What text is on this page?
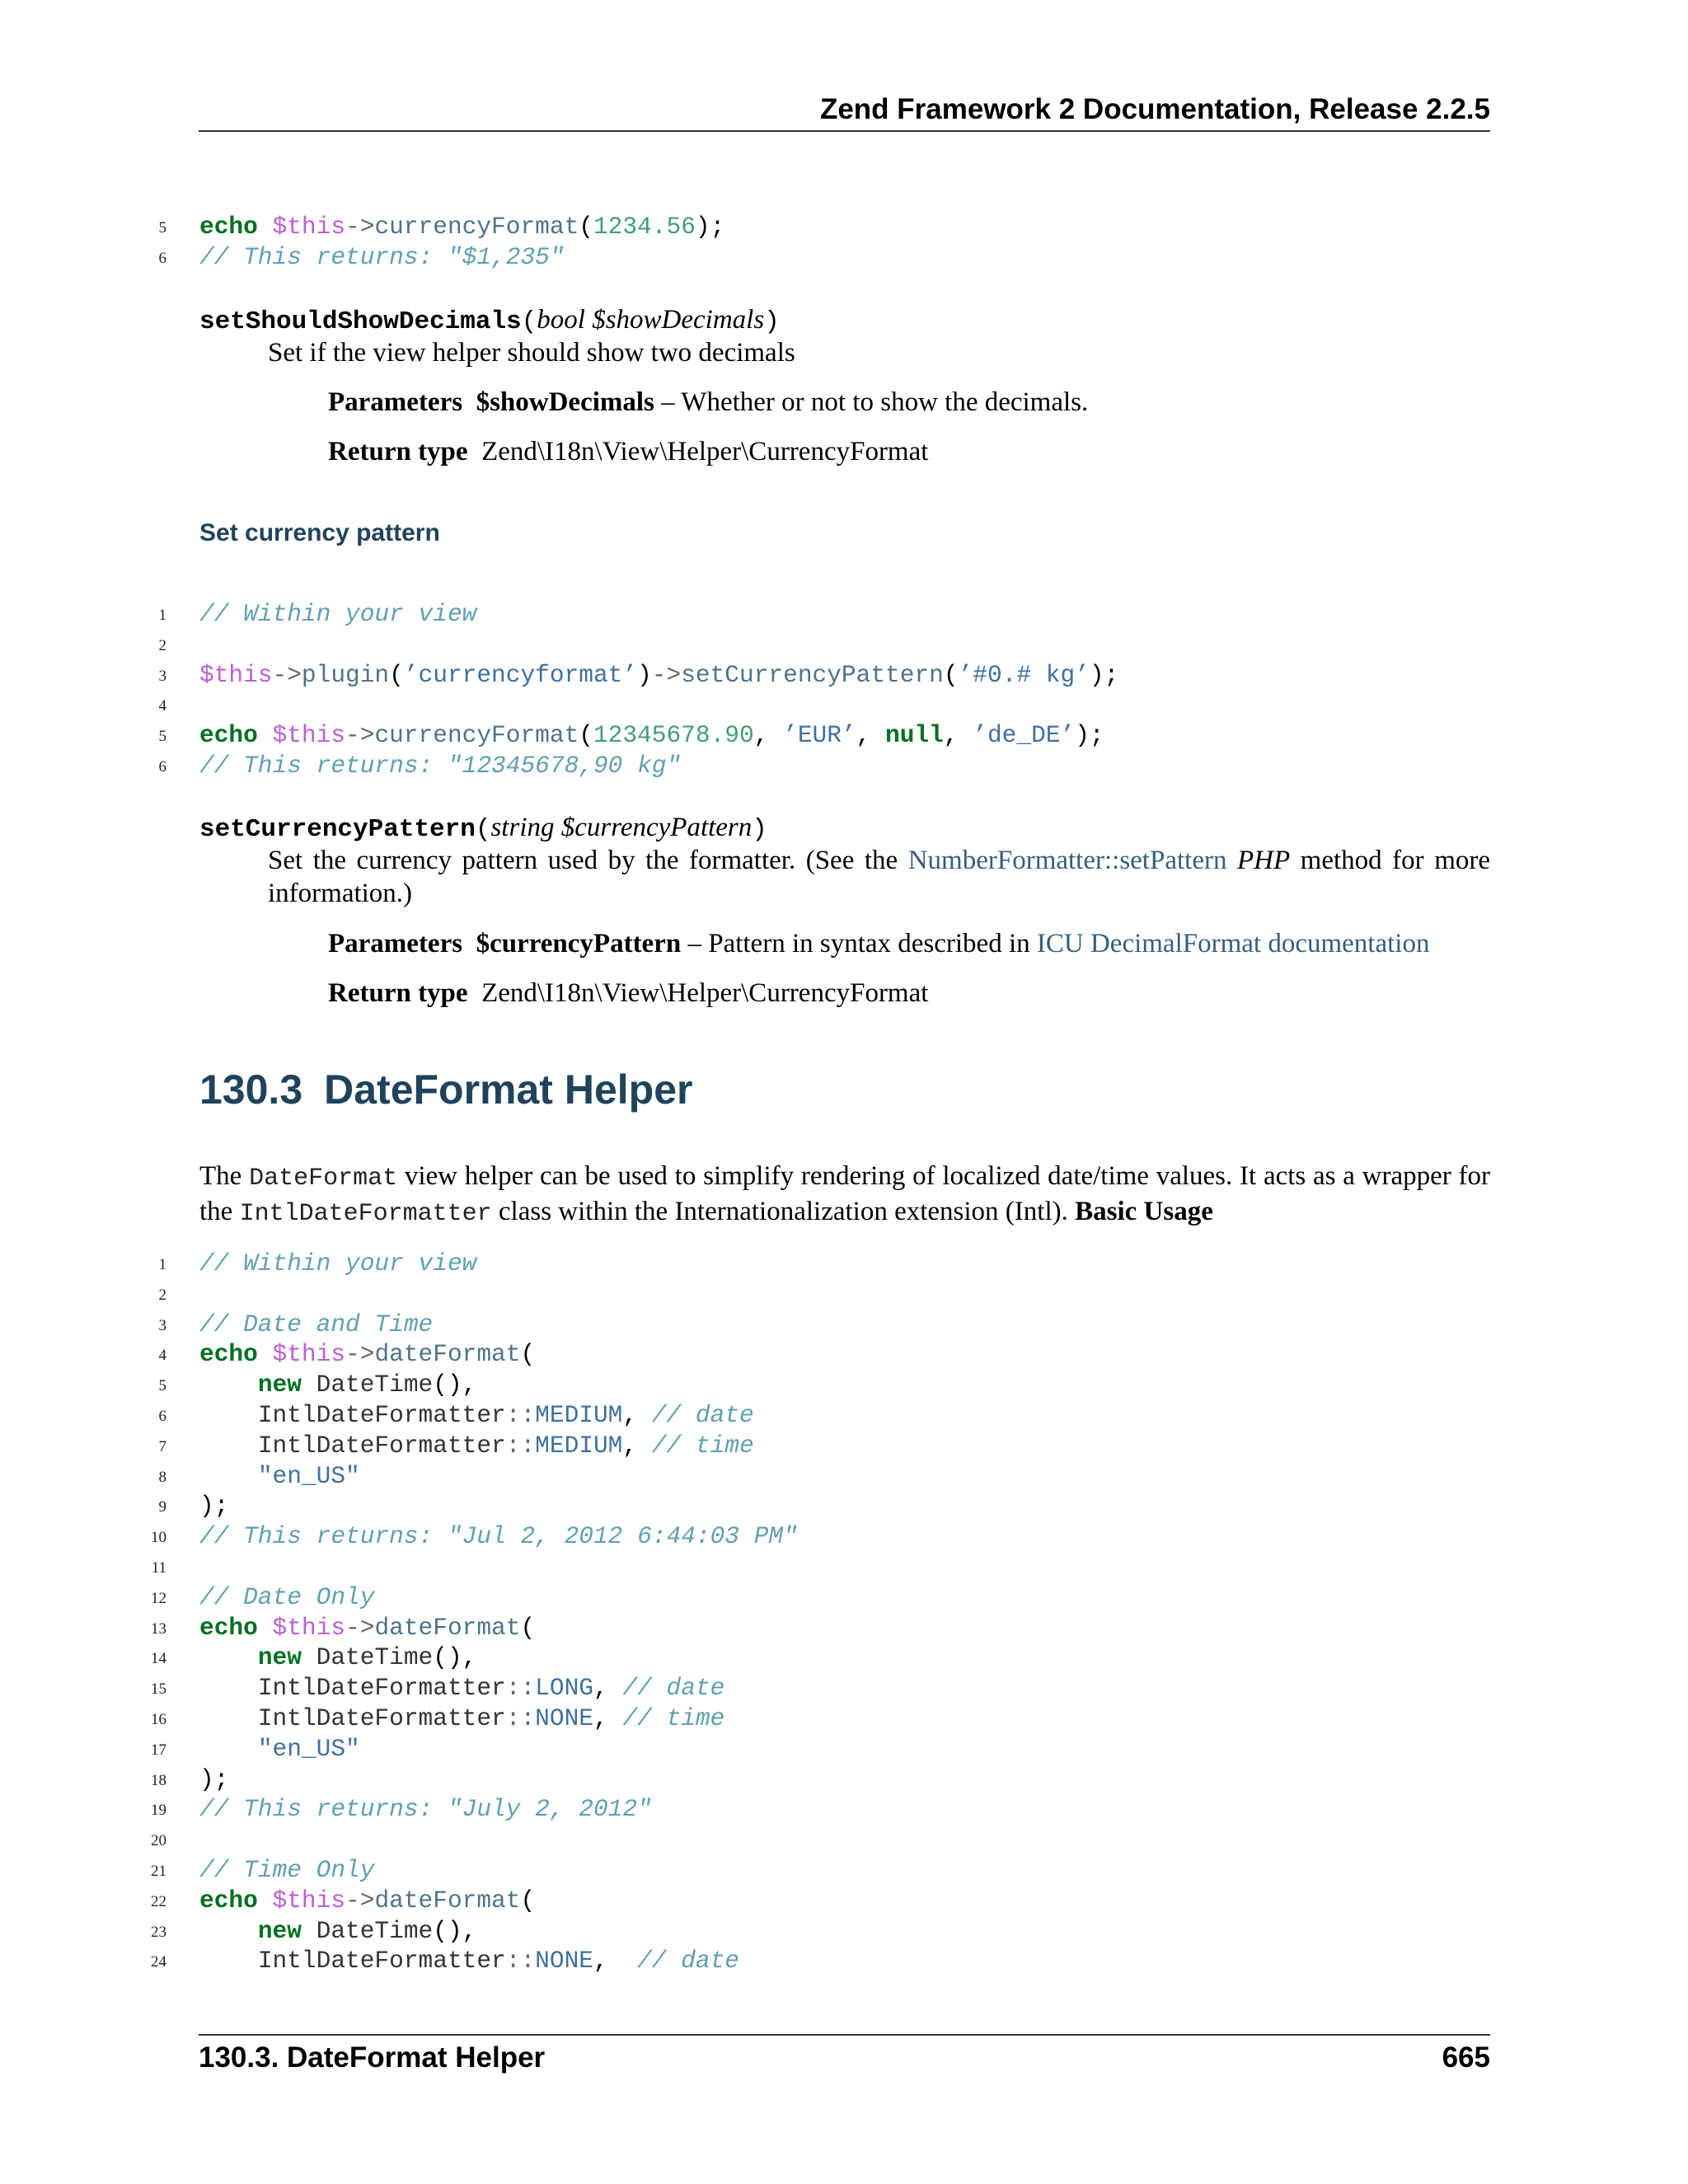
Zend Framework 2 Documentation, Release 2.2.5
5 echo $this->currencyFormat(1234.56);
6 // This returns: "$1,235"
setShouldShowDecimals(bool $showDecimals)
Set if the view helper should show two decimals
Parameters $showDecimals – Whether or not to show the decimals.
Return type Zend\I18n\View\Helper\CurrencyFormat
Set currency pattern
1 // Within your view
2
3 $this->plugin(’currencyformat’)->setCurrencyPattern(’#0.# kg’);
4
5 echo $this->currencyFormat(12345678.90, ’EUR’, null, ’de_DE’);
6 // This returns: "12345678,90 kg"
setCurrencyPattern(string $currencyPattern)
Set the currency pattern used by the formatter. (See the NumberFormatter::setPattern PHP method for more information.)
Parameters $currencyPattern – Pattern in syntax described in ICU DecimalFormat documentation
Return type Zend\I18n\View\Helper\CurrencyFormat
130.3 DateFormat Helper
The DateFormat view helper can be used to simplify rendering of localized date/time values. It acts as a wrapper for the IntlDateFormatter class within the Internationalization extension (Intl). Basic Usage
1 // Within your view
2
3 // Date and Time
4 echo $this->dateFormat(
5	new DateTime(),
6	IntlDateFormatter::MEDIUM, // date
7	IntlDateFormatter::MEDIUM, // time
8	"en_US"
9 );
10 // This returns: "Jul 2, 2012 6:44:03 PM"
11
12 // Date Only
13 echo $this->dateFormat(
14	new DateTime(),
15	IntlDateFormatter::LONG, // date
16	IntlDateFormatter::NONE, // time
17	"en_US"
18 );
19 // This returns: "July 2, 2012"
20
21 // Time Only
22 echo $this->dateFormat(
23	new DateTime(),
24	IntlDateFormatter::NONE,  // date
130.3. DateFormat Helper	665
